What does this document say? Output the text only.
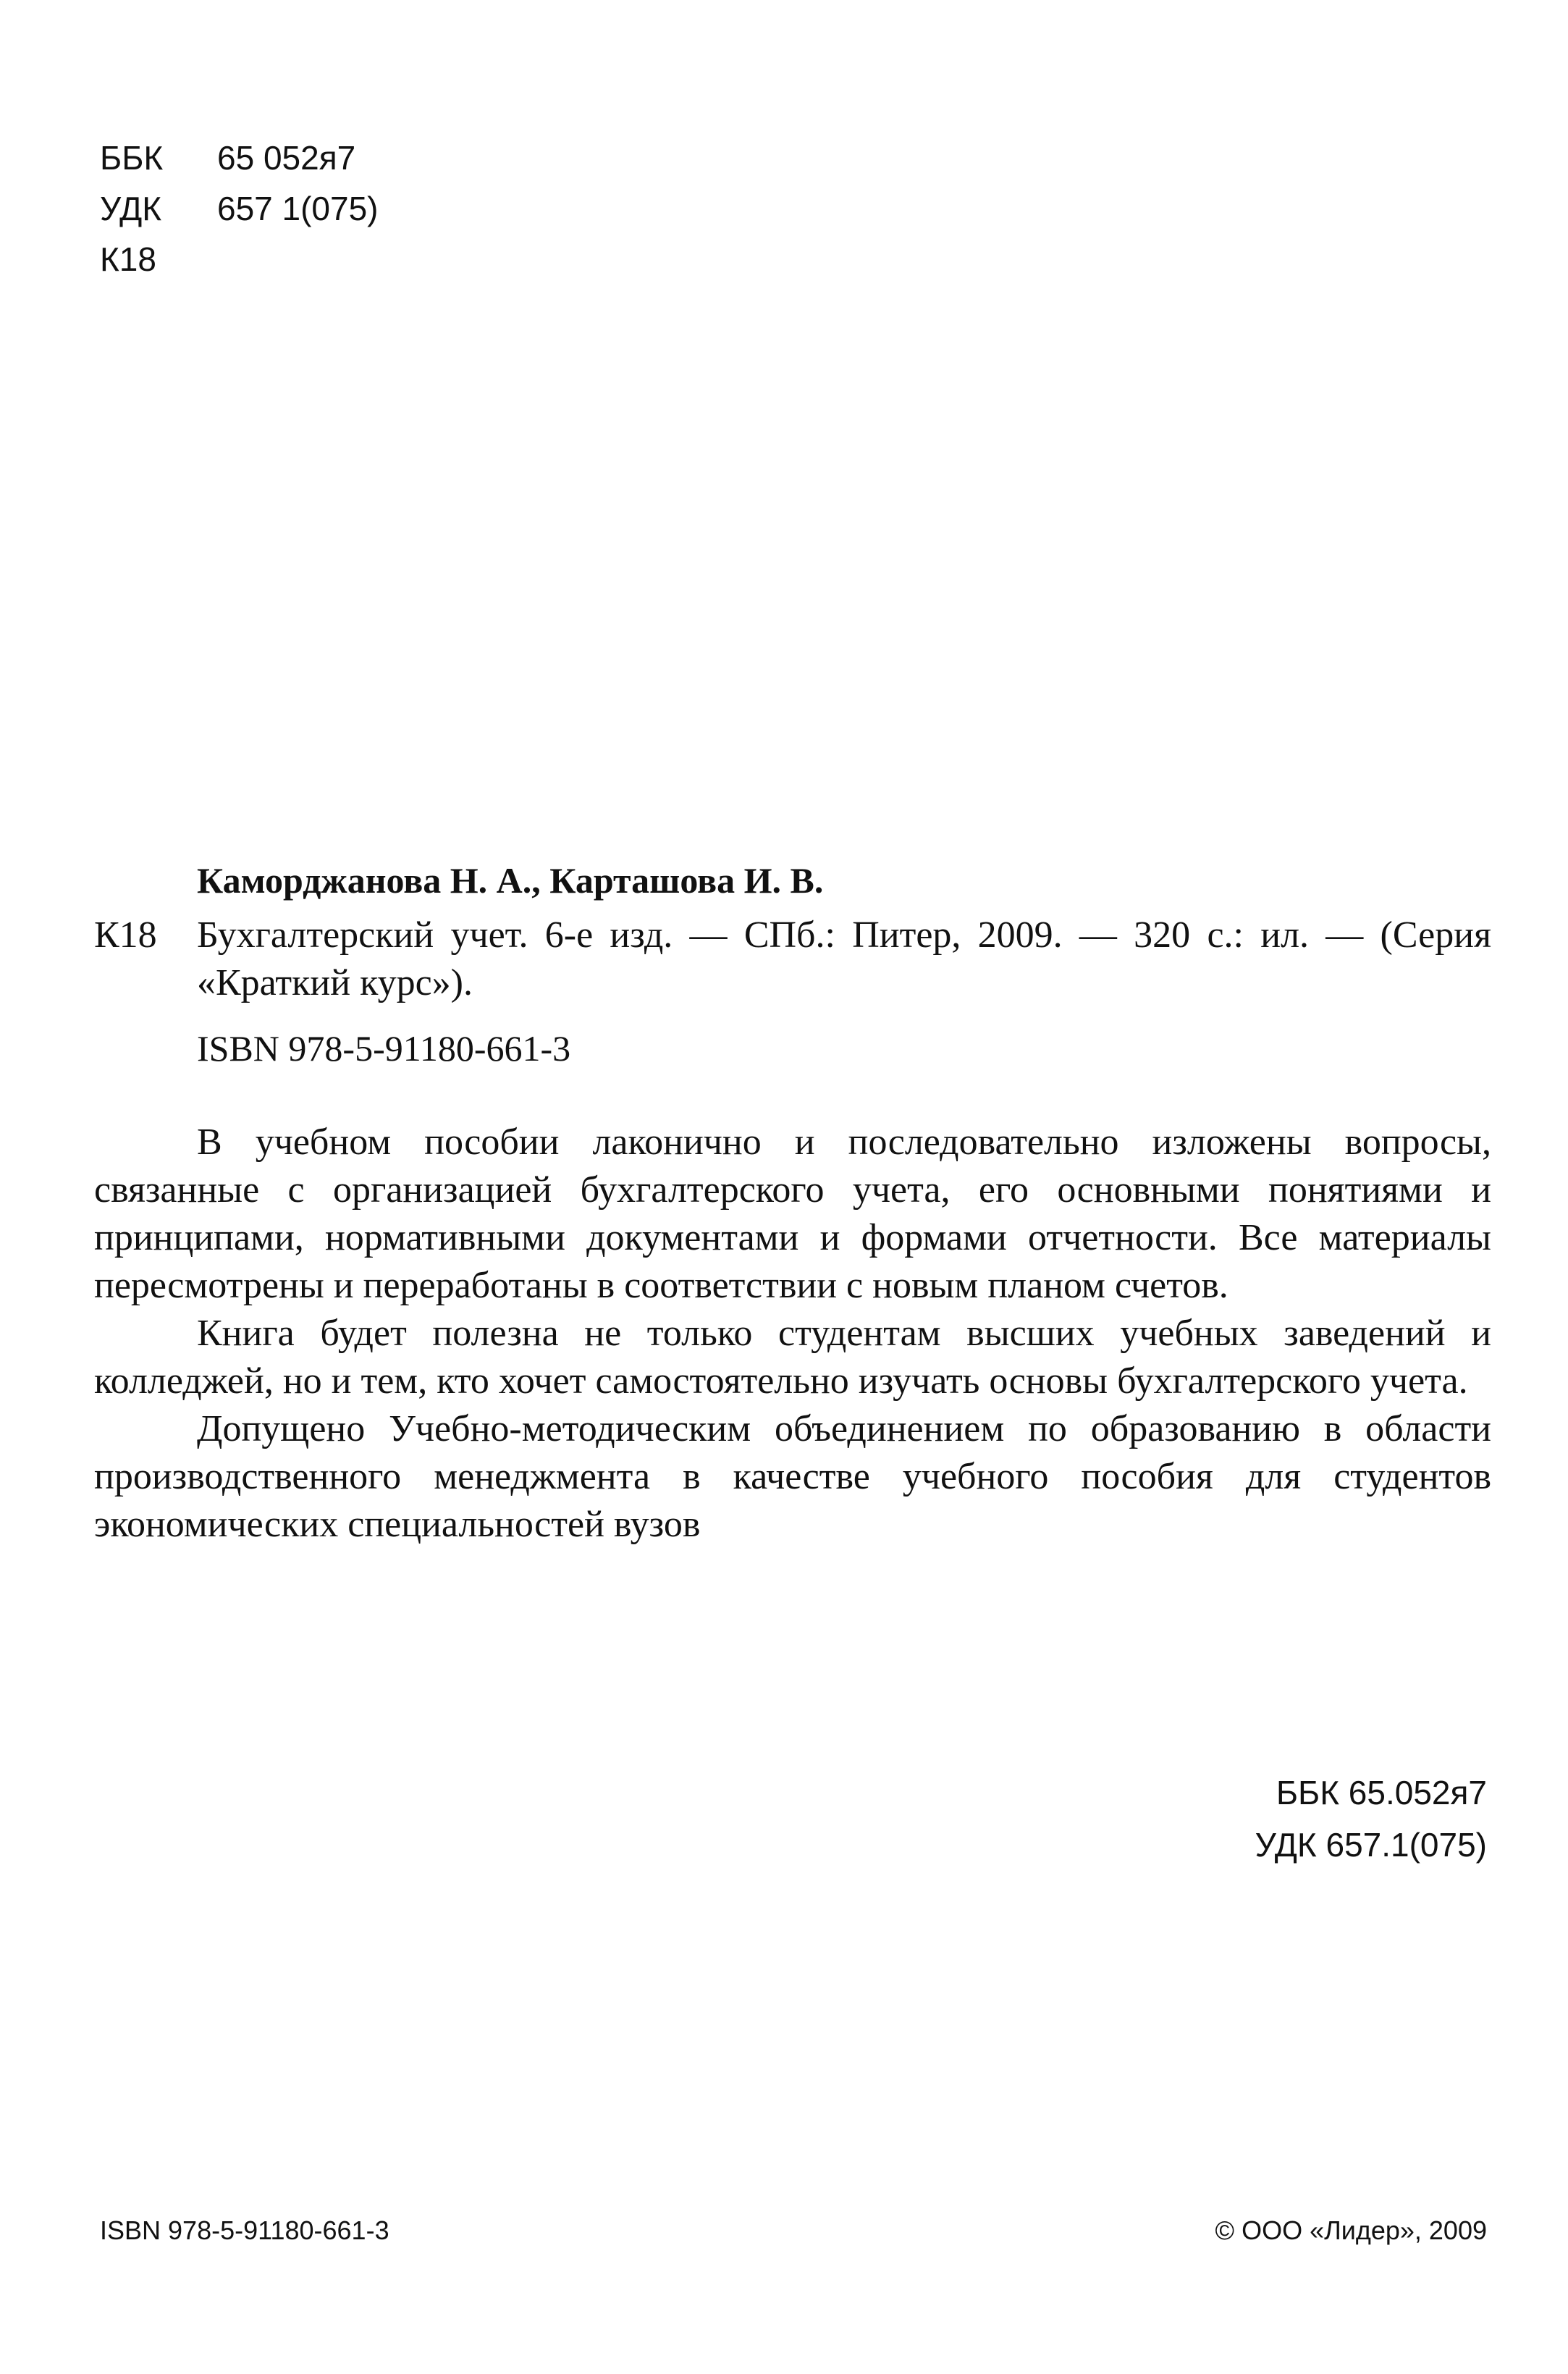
ББК 65 052я7
УДК 657 1(075)
К18
Каморджанова Н. А., Карташова И. В.
К18	Бухгалтерский учет. 6-е изд. — СПб.: Питер, 2009. — 320 с.: ил. — (Серия «Краткий курс»).
ISBN 978-5-91180-661-3

В учебном пособии лаконично и последовательно изложены вопросы, связанные с организацией бухгалтерского учета, его основными понятиями и принципами, нормативными документами и формами отчетности. Все материалы пересмотрены и переработаны в соответствии с новым планом счетов.

Книга будет полезна не только студентам высших учебных заведений и колледжей, но и тем, кто хочет самостоятельно изучать основы бухгалтерского учета.

Допущено Учебно-методическим объединением по образованию в области производственного менеджмента в качестве учебного пособия для студентов экономических специальностей вузов

ББК 65.052я7
УДК 657.1(075)
ISBN 978-5-91180-661-3	© ООО «Лидер», 2009
